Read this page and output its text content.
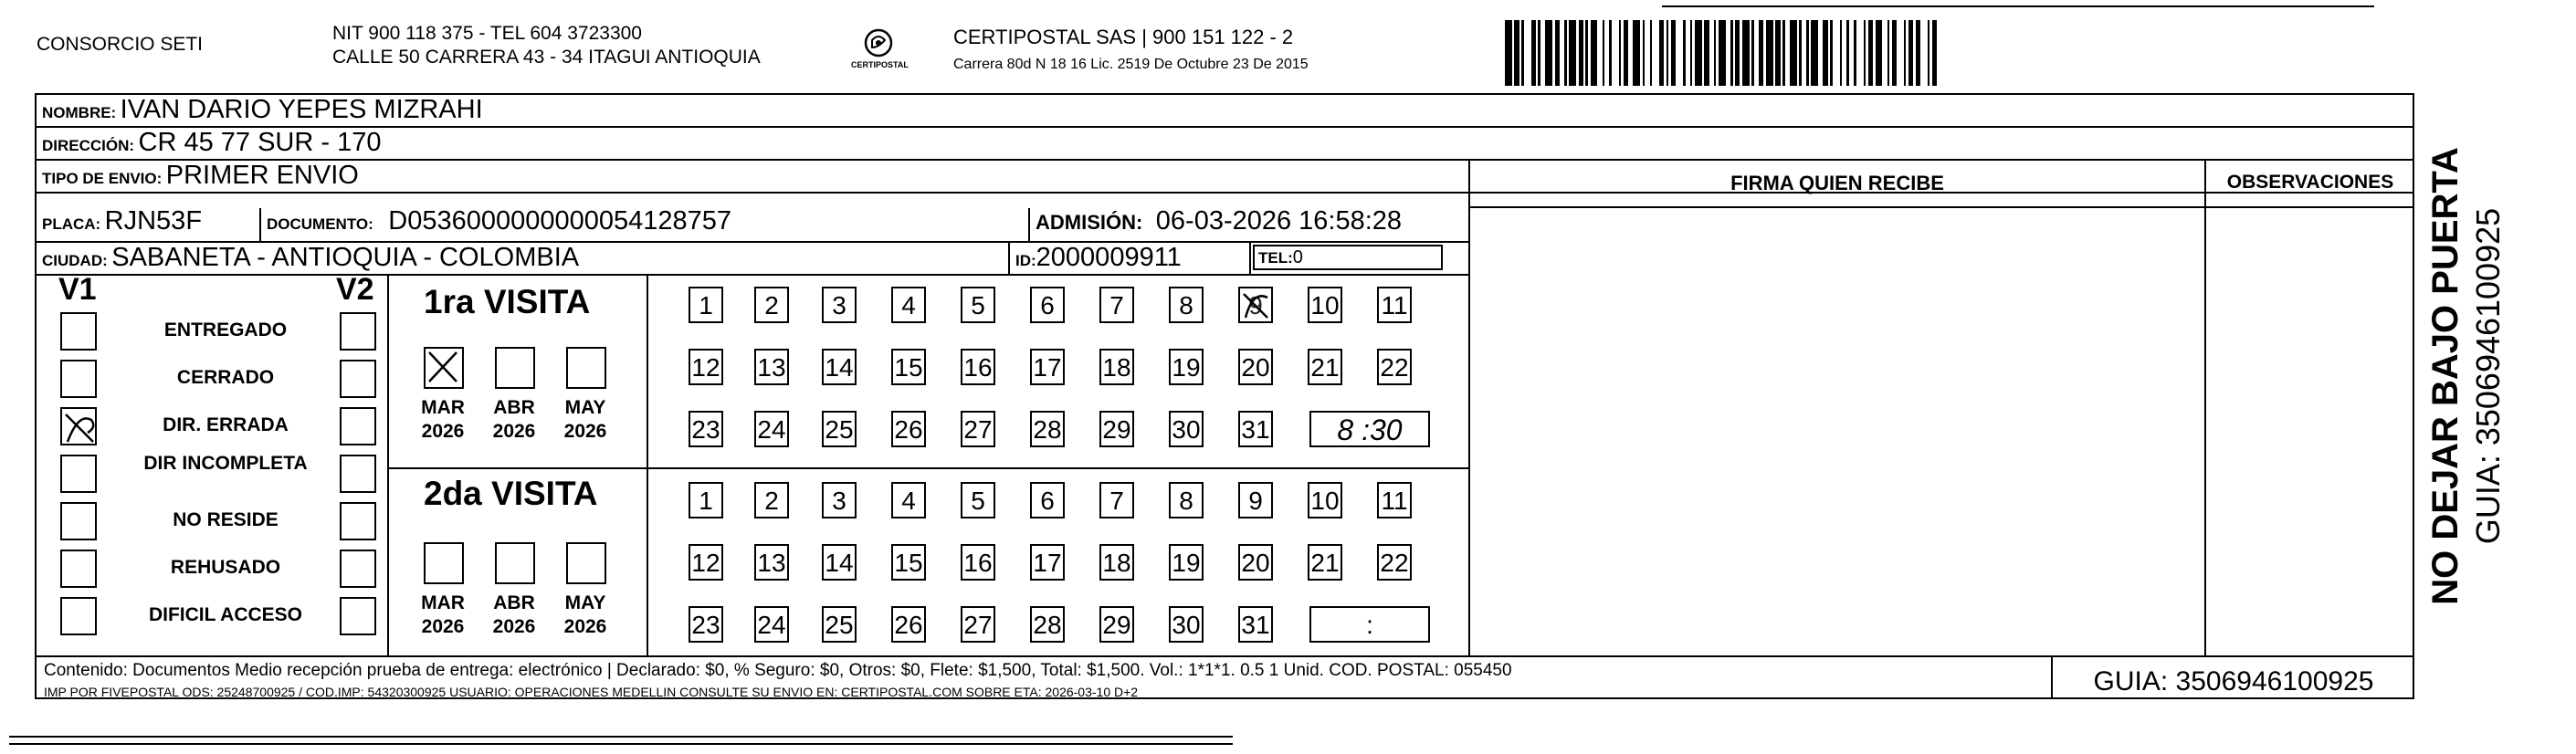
CONSORCIO SETI
NIT 900 118 375 - TEL 604 3723300
CALLE 50 CARRERA 43 - 34 ITAGUI ANTIOQUIA	CERTIPOSTAL
CERTIPOSTAL SAS | 900 151 122 - 2
Carrera 80d N 18 16 Lic. 2519 De Octubre 23 De 2015
NOMBRE: IVAN DARIO YEPES MIZRAHI
DIRECCIÓN: CR 45 77 SUR - 170
TIPO DE ENVIO: PRIMER ENVIO
PLACA: RJN53F	DOCUMENTO: D0536000000000054128757	ADMISIÓN: 06-03-2026 16:58:28
CIUDAD: SABANETA - ANTIOQUIA - COLOMBIA	ID:2000009911	TEL:0
FIRMA QUIEN RECIBE	OBSERVACIONES
V1	V2
ENTREGADO
CERRADO
DIR. ERRADA
DIR INCOMPLETA
NO RESIDE
REHUSADO
DIFICIL ACCESO
1ra VISITA
2da VISITA
MAR
2026
ABR
2026
MAY
2026
1	2	3	4	5	6	7	8	9	10 11
12 13 14 15 16 17 18 19 20 21 22
23 24 25 26 27 28 29 30 31	8 :30
MAR
2026
ABR
2026
MAY
2026
1	2	3	4	5	6	7	8	9	10 11
12 13 14 15 16 17 18 19 20 21 22
23 24 25 26 27 28 29 30 31	:
Contenido: Documentos Medio recepción prueba de entrega: electrónico | Declarado: $0, % Seguro: $0, Otros: $0, Flete: $1,500, Total: $1,500. Vol.: 1*1*1. 0.5 1 Unid. COD. POSTAL: 055450
IMP POR FIVEPOSTAL ODS: 25248700925 / COD.IMP: 54320300925 USUARIO: OPERACIONES MEDELLIN CONSULTE SU ENVIO EN: CERTIPOSTAL.COM SOBRE ETA: 2026-03-10 D+2	GUIA: 3506946100925
NO DEJAR BAJO PUERTA GUIA: 3506946100925
